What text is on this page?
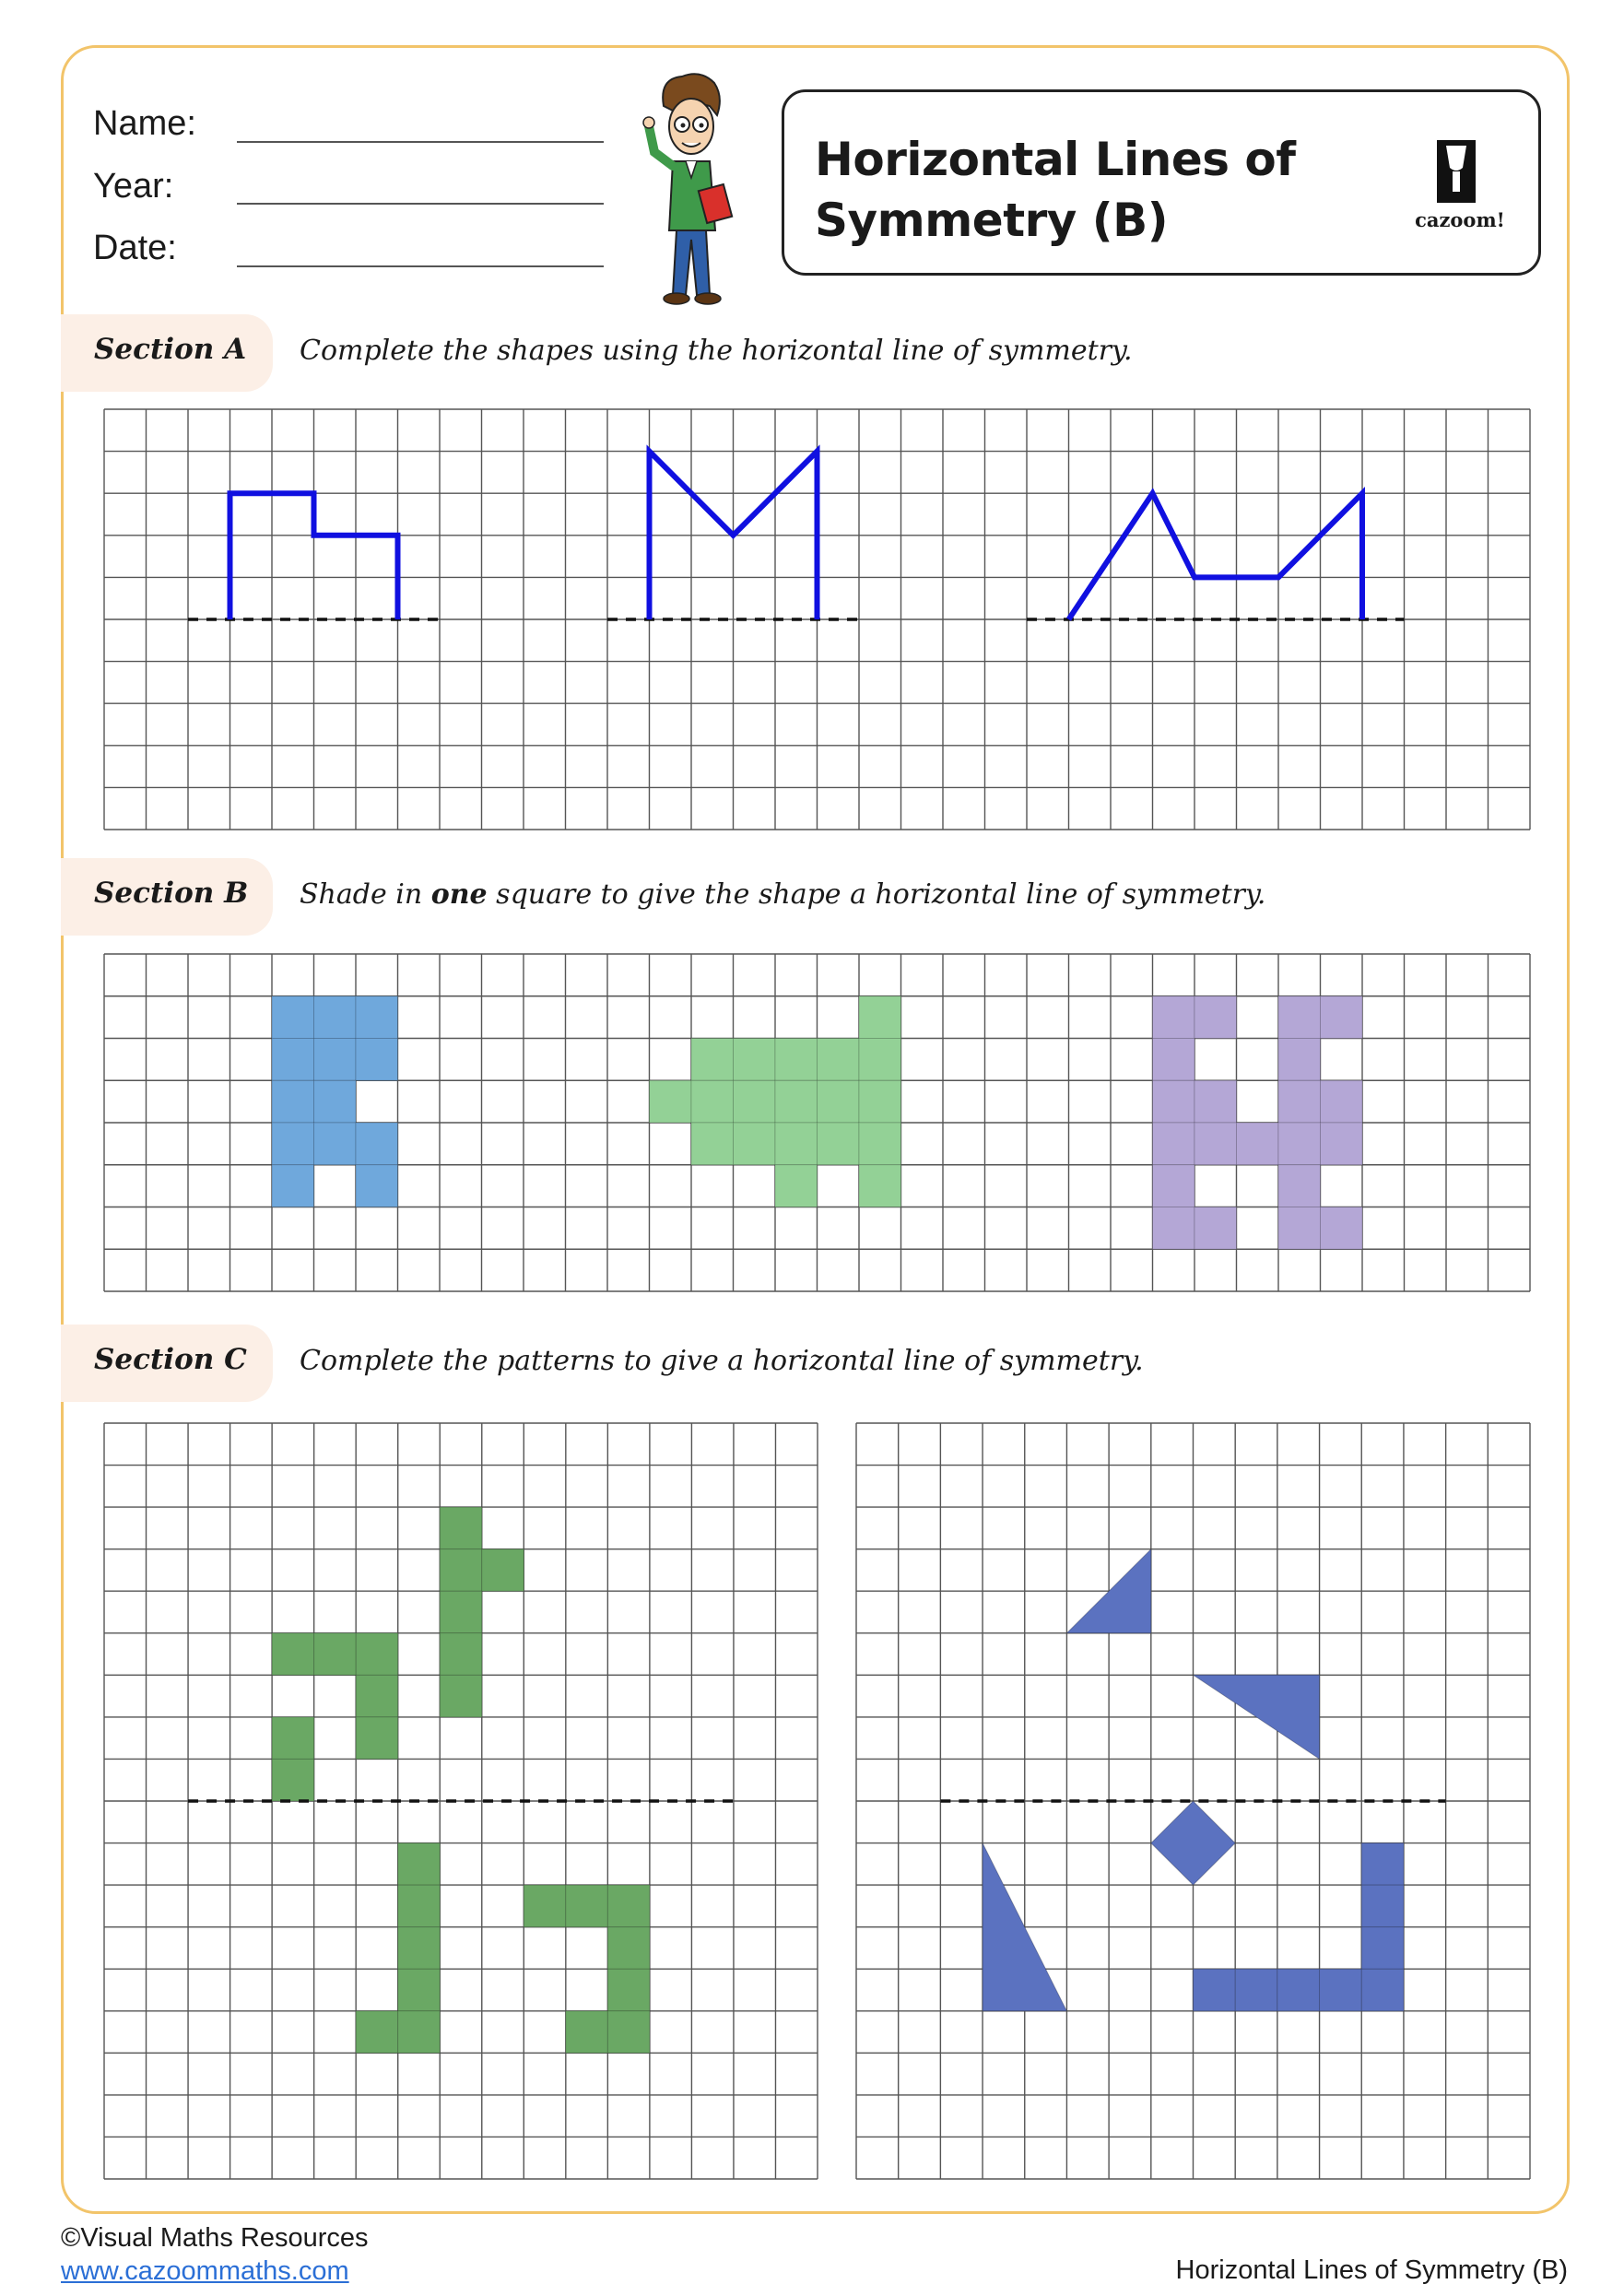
Name:
Year:
Date:
Horizontal Lines of Symmetry (B)	cazoom!
Section A Complete the shapes using the horizontal line of symmetry.
Section B Shade in one square to give the shape a horizontal line of symmetry.
Section C Complete the patterns to give a horizontal line of symmetry.
©Visual Maths Resources
www.cazoommaths.com	Horizontal Lines of Symmetry (B)
